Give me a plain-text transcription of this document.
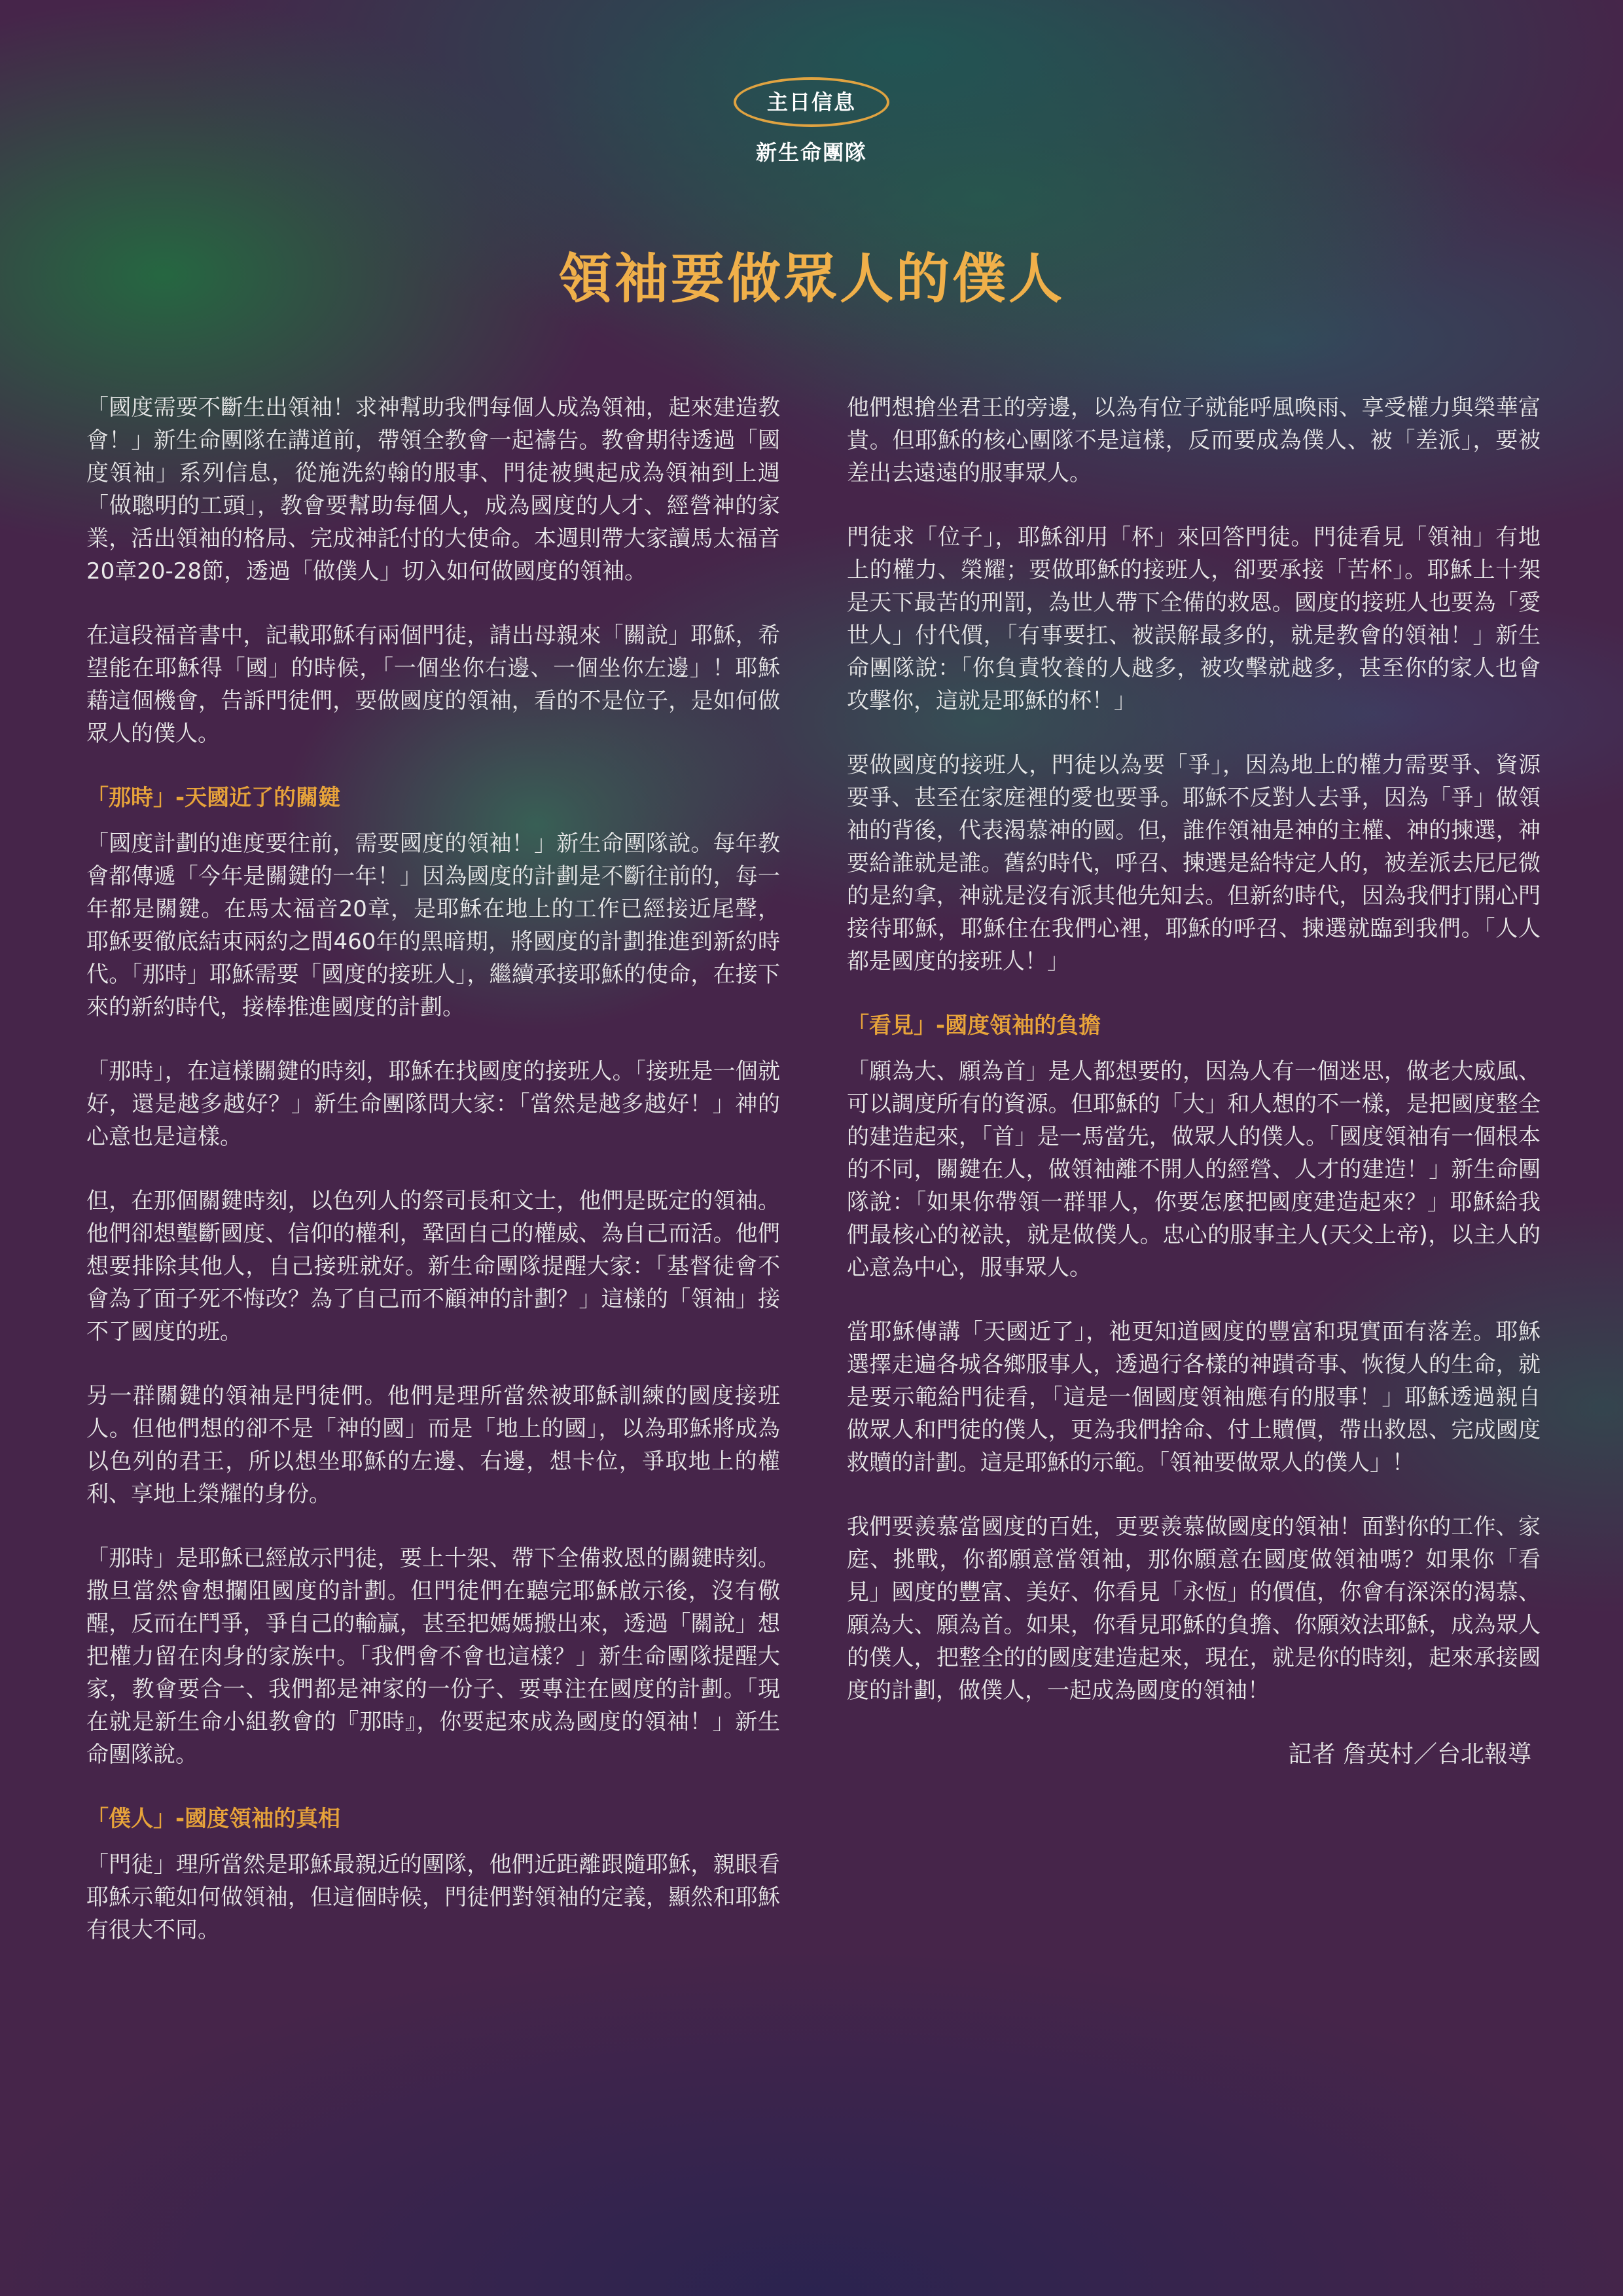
主日信息
新生命團隊
領袖要做眾人的僕人

「國度需要不斷生出領袖！求神幫助我們每個人成為領袖，起來建造教會！」新生命團隊在講道前，帶領全教會一起禱告。教會期待透過「國度領袖」系列信息，從施洗約翰的服事、門徒被興起成為領袖到上週「做聰明的工頭」，教會要幫助每個人，成為國度的人才、經營神的家業，活出領袖的格局、完成神託付的大使命。本週則帶大家讀馬太福音20章20-28節，透過「做僕人」切入如何做國度的領袖。

在這段福音書中，記載耶穌有兩個門徒，請出母親來「關說」耶穌，希望能在耶穌得「國」的時候，「一個坐你右邊、一個坐你左邊」！耶穌藉這個機會，告訴門徒們，要做國度的領袖，看的不是位子，是如何做眾人的僕人。

「那時」-天國近了的關鍵

「國度計劃的進度要往前，需要國度的領袖！」新生命團隊說。每年教會都傳遞「今年是關鍵的一年！」因為國度的計劃是不斷往前的，每一年都是關鍵。在馬太福音20章，是耶穌在地上的工作已經接近尾聲，耶穌要徹底結束兩約之間460年的黑暗期，將國度的計劃推進到新約時代。「那時」耶穌需要「國度的接班人」，繼續承接耶穌的使命，在接下來的新約時代，接棒推進國度的計劃。

「那時」，在這樣關鍵的時刻，耶穌在找國度的接班人。「接班是一個就好，還是越多越好？」新生命團隊問大家：「當然是越多越好！」神的心意也是這樣。

但，在那個關鍵時刻，以色列人的祭司長和文士，他們是既定的領袖。他們卻想壟斷國度、信仰的權利，鞏固自己的權威、為自己而活。他們想要排除其他人，自己接班就好。新生命團隊提醒大家：「基督徒會不會為了面子死不悔改？為了自己而不顧神的計劃？」這樣的「領袖」接不了國度的班。

另一群關鍵的領袖是門徒們。他們是理所當然被耶穌訓練的國度接班人。但他們想的卻不是「神的國」而是「地上的國」，以為耶穌將成為以色列的君王，所以想坐耶穌的左邊、右邊，想卡位，爭取地上的權利、享地上榮耀的身份。

「那時」是耶穌已經啟示門徒，要上十架、帶下全備救恩的關鍵時刻。撒旦當然會想攔阻國度的計劃。但門徒們在聽完耶穌啟示後，沒有儆醒，反而在鬥爭，爭自己的輸贏，甚至把媽媽搬出來，透過「關說」想把權力留在肉身的家族中。「我們會不會也這樣？」新生命團隊提醒大家，教會要合一、我們都是神家的一份子、要專注在國度的計劃。「現在就是新生命小組教會的『那時』，你要起來成為國度的領袖！」新生命團隊說。

「僕人」-國度領袖的真相

「門徒」理所當然是耶穌最親近的團隊，他們近距離跟隨耶穌，親眼看耶穌示範如何做領袖，但這個時候，門徒們對領袖的定義，顯然和耶穌有很大不同。

他們想搶坐君王的旁邊，以為有位子就能呼風喚雨、享受權力與榮華富貴。但耶穌的核心團隊不是這樣，反而要成為僕人、被「差派」，要被差出去遠遠的服事眾人。

門徒求「位子」，耶穌卻用「杯」來回答門徒。門徒看見「領袖」有地上的權力、榮耀；要做耶穌的接班人，卻要承接「苦杯」。耶穌上十架是天下最苦的刑罰，為世人帶下全備的救恩。國度的接班人也要為「愛世人」付代價，「有事要扛、被誤解最多的，就是教會的領袖！」新生命團隊說：「你負責牧養的人越多，被攻擊就越多，甚至你的家人也會攻擊你，這就是耶穌的杯！」

要做國度的接班人，門徒以為要「爭」，因為地上的權力需要爭、資源要爭、甚至在家庭裡的愛也要爭。耶穌不反對人去爭，因為「爭」做領袖的背後，代表渴慕神的國。但，誰作領袖是神的主權、神的揀選，神要給誰就是誰。舊約時代，呼召、揀選是給特定人的，被差派去尼尼微的是約拿，神就是沒有派其他先知去。但新約時代，因為我們打開心門接待耶穌，耶穌住在我們心裡，耶穌的呼召、揀選就臨到我們。「人人都是國度的接班人！」

「看見」-國度領袖的負擔

「願為大、願為首」是人都想要的，因為人有一個迷思，做老大威風、可以調度所有的資源。但耶穌的「大」和人想的不一樣，是把國度整全的建造起來，「首」是一馬當先，做眾人的僕人。「國度領袖有一個根本的不同，關鍵在人，做領袖離不開人的經營、人才的建造！」新生命團隊說：「如果你帶領一群罪人，你要怎麼把國度建造起來？」耶穌給我們最核心的祕訣，就是做僕人。忠心的服事主人(天父上帝)，以主人的心意為中心，服事眾人。

當耶穌傳講「天國近了」，祂更知道國度的豐富和現實面有落差。耶穌選擇走遍各城各鄉服事人，透過行各樣的神蹟奇事、恢復人的生命，就是要示範給門徒看，「這是一個國度領袖應有的服事！」耶穌透過親自做眾人和門徒的僕人，更為我們捨命、付上贖價，帶出救恩、完成國度救贖的計劃。這是耶穌的示範。「領袖要做眾人的僕人」！

我們要羨慕當國度的百姓，更要羨慕做國度的領袖！面對你的工作、家庭、挑戰，你都願意當領袖，那你願意在國度做領袖嗎？如果你「看見」國度的豐富、美好、你看見「永恆」的價值，你會有深深的渴慕、願為大、願為首。如果，你看見耶穌的負擔、你願效法耶穌，成為眾人的僕人，把整全的的國度建造起來，現在，就是你的時刻，起來承接國度的計劃，做僕人，一起成為國度的領袖！

記者 詹英村／台北報導
